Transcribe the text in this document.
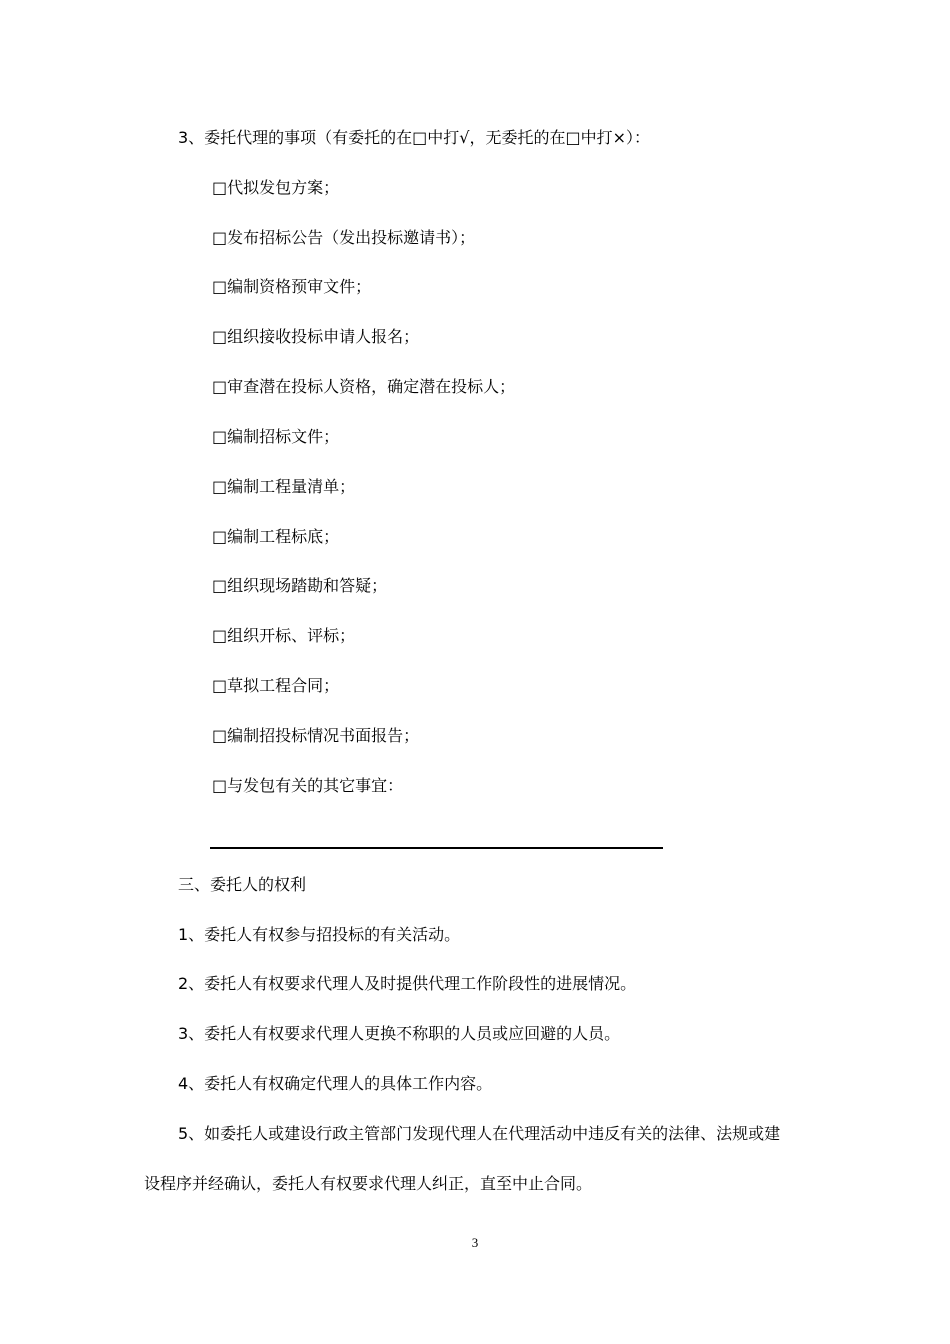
3、委托代理的事项（有委托的在□中打√，无委托的在□中打×）：
□代拟发包方案；
□发布招标公告（发出投标邀请书）；
□编制资格预审文件；
□组织接收投标申请人报名；
□审查潜在投标人资格，确定潜在投标人；
□编制招标文件；
□编制工程量清单；
□编制工程标底；
□组织现场踏勘和答疑；
□组织开标、评标；
□草拟工程合同；
□编制招投标情况书面报告；
□与发包有关的其它事宜：
三、委托人的权利
1、委托人有权参与招投标的有关活动。
2、委托人有权要求代理人及时提供代理工作阶段性的进展情况。
3、委托人有权要求代理人更换不称职的人员或应回避的人员。
4、委托人有权确定代理人的具体工作内容。
5、如委托人或建设行政主管部门发现代理人在代理活动中违反有关的法律、法规或建
设程序并经确认，委托人有权要求代理人纠正，直至中止合同。
3
